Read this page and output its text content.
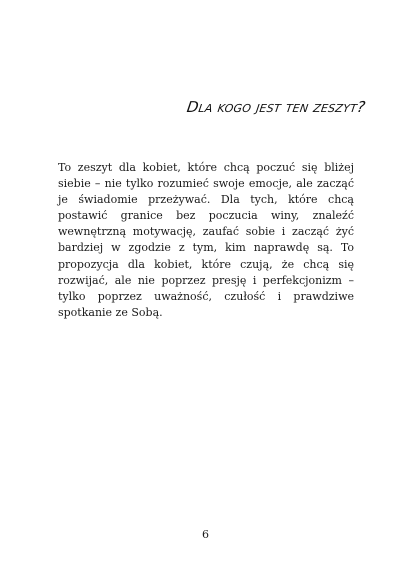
Dla kogo jest ten zeszyt?

To zeszyt dla kobiet, które chcą poczuć się bliżej siebie – nie tylko rozumieć swoje emocje, ale zacząć je świadomie przeżywać. Dla tych, które chcą postawić granice bez poczucia winy, znaleźć wewnętrzną motywację, zaufać sobie i zacząć żyć bardziej w zgodzie z tym, kim naprawdę są. To propozycja dla kobiet, które czują, że chcą się rozwijać, ale nie poprzez presję i perfekcjonizm – tylko poprzez uważność, czułość i prawdziwe spotkanie ze Sobą.

6
